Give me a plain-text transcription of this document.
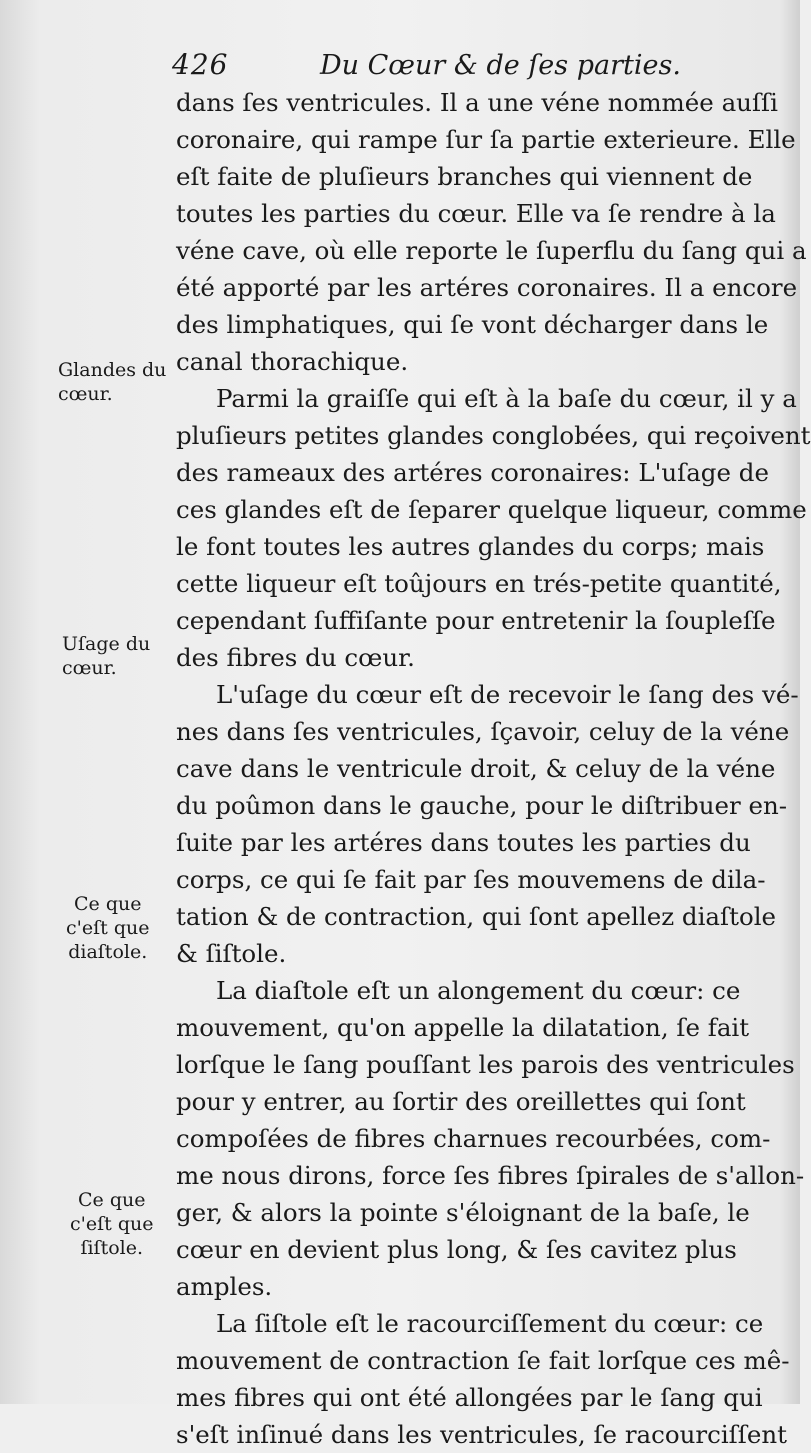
426	Du Cœur & de ſes parties.
dans ſes ventricules. Il a une véne nommée auſſi
coronaire, qui rampe ſur ſa partie exterieure. Elle
eſt faite de pluſieurs branches qui viennent de
toutes les parties du cœur. Elle va ſe rendre à la
véne cave, où elle reporte le ſuperflu du ſang qui a
été apporté par les artéres coronaires. Il a encore
des limphatiques, qui ſe vont décharger dans le
canal thorachique.
Parmi la graiſſe qui eſt à la baſe du cœur, il y a
pluſieurs petites glandes conglobées, qui reçoivent
des rameaux des artéres coronaires: L'uſage de
ces glandes eſt de ſeparer quelque liqueur, comme
le font toutes les autres glandes du corps; mais
cette liqueur eſt toûjours en trés-petite quantité,
cependant ſuffiſante pour entretenir la ſoupleſſe
des fibres du cœur.
L'uſage du cœur eſt de recevoir le ſang des vé-
nes dans ſes ventricules, ſçavoir, celuy de la véne
cave dans le ventricule droit, & celuy de la véne
du poûmon dans le gauche, pour le diſtribuer en-
ſuite par les artéres dans toutes les parties du
corps, ce qui ſe fait par ſes mouvemens de dila-
tation & de contraction, qui ſont apellez diaſtole
& ſiſtole.
La diaſtole eſt un alongement du cœur: ce
mouvement, qu'on appelle la dilatation, ſe fait
lorſque le ſang pouſſant les parois des ventricules
pour y entrer, au ſortir des oreillettes qui ſont
compoſées de fibres charnues recourbées, com-
me nous dirons, force ſes fibres ſpirales de s'allon-
ger, & alors la pointe s'éloignant de la baſe, le
cœur en devient plus long, & ſes cavitez plus
amples.
La ſiſtole eſt le racourciſſement du cœur: ce
mouvement de contraction ſe fait lorſque ces mê-
mes fibres qui ont été allongées par le ſang qui
s'eſt inſinué dans les ventricules, ſe racourciſſent
Glandes du
cœur.
Uſage du
cœur.
Ce que
c'eſt que
diaſtole.
Ce que
c'eſt que
ſiſtole.
